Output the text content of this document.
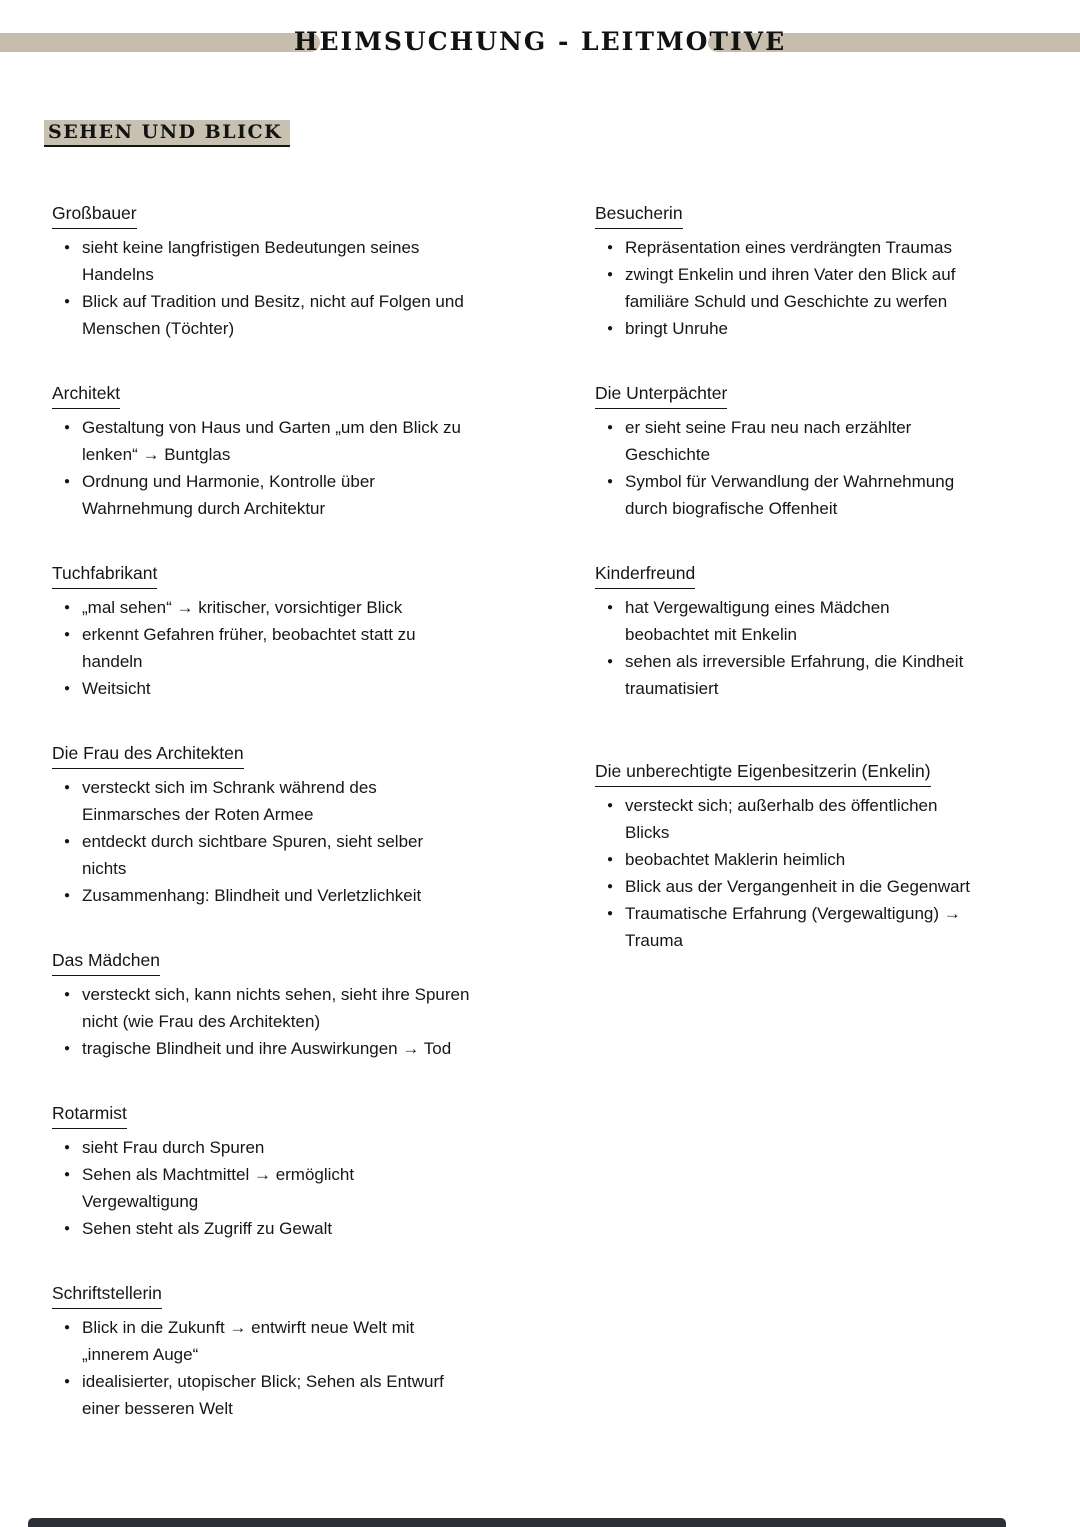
HEIMSUCHUNG - LEITMOTIVE
SEHEN UND BLICK
Großbauer
● sieht keine langfristigen Bedeutungen seines Handelns
● Blick auf Tradition und Besitz, nicht auf Folgen und Menschen (Töchter)
Architekt
● Gestaltung von Haus und Garten „um den Blick zu lenken“ → Buntglas
● Ordnung und Harmonie, Kontrolle über Wahrnehmung durch Architektur
Tuchfabrikant
● „mal sehen“ → kritischer, vorsichtiger Blick
● erkennt Gefahren früher, beobachtet statt zu handeln
● Weitsicht
Die Frau des Architekten
● versteckt sich im Schrank während des Einmarsches der Roten Armee
● entdeckt durch sichtbare Spuren, sieht selber nichts
● Zusammenhang: Blindheit und Verletzlichkeit
Das Mädchen
● versteckt sich, kann nichts sehen, sieht ihre Spuren nicht (wie Frau des Architekten)
● tragische Blindheit und ihre Auswirkungen → Tod
Rotarmist
● sieht Frau durch Spuren
● Sehen als Machtmittel → ermöglicht Vergewaltigung
● Sehen steht als Zugriff zu Gewalt
Schriftstellerin
● Blick in die Zukunft → entwirft neue Welt mit „innerem Auge“
● idealisierter, utopischer Blick; Sehen als Entwurf einer besseren Welt
Besucherin
● Repräsentation eines verdrängten Traumas
● zwingt Enkelin und ihren Vater den Blick auf familiäre Schuld und Geschichte zu werfen
● bringt Unruhe
Die Unterpächter
● er sieht seine Frau neu nach erzählter Geschichte
● Symbol für Verwandlung der Wahrnehmung durch biografische Offenheit
Kinderfreund
● hat Vergewaltigung eines Mädchen beobachtet mit Enkelin
● sehen als irreversible Erfahrung, die Kindheit traumatisiert
Die unberechtigte Eigenbesitzerin (Enkelin)
● versteckt sich; außerhalb des öffentlichen Blicks
● beobachtet Maklerin heimlich
● Blick aus der Vergangenheit in die Gegenwart
● Traumatische Erfahrung (Vergewaltigung) → Trauma
